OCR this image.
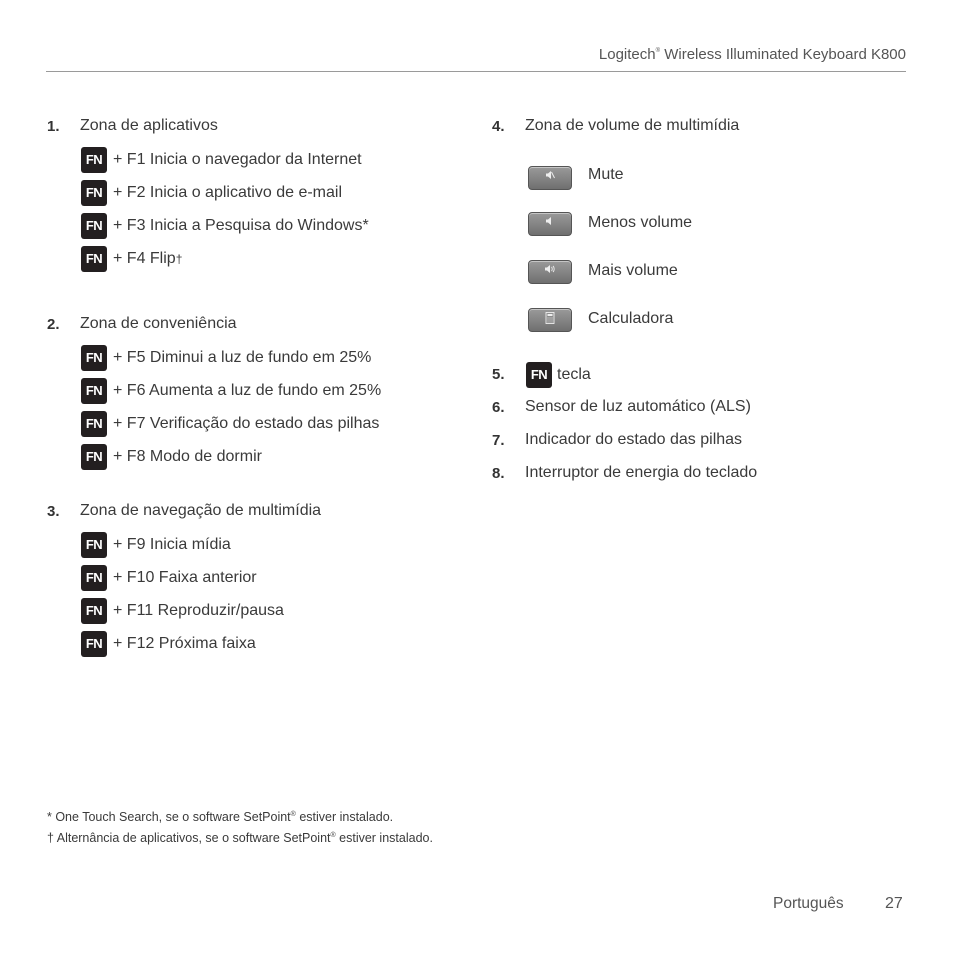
Logitech® Wireless Illuminated Keyboard K800
1. Zona de aplicativos
FN + F1 Inicia o navegador da Internet
FN + F2 Inicia o aplicativo de e-mail
FN + F3 Inicia a Pesquisa do Windows*
FN + F4 Flip †
2. Zona de conveniência
FN + F5 Diminui a luz de fundo em 25%
FN + F6 Aumenta a luz de fundo em 25%
FN + F7 Verificação do estado das pilhas
FN + F8 Modo de dormir
3. Zona de navegação de multimídia
FN + F9 Inicia mídia
FN + F10 Faixa anterior
FN + F11 Reproduzir/pausa
FN + F12 Próxima faixa
4. Zona de volume de multimídia
Mute
Menos volume
Mais volume
Calculadora
5.	FN tecla
6. Sensor de luz automático (ALS)
7. Indicador do estado das pilhas
8. Interruptor de energia do teclado
* One Touch Search, se o software SetPoint® estiver instalado.
† Alternância de aplicativos, se o software SetPoint® estiver instalado.
Português	27
